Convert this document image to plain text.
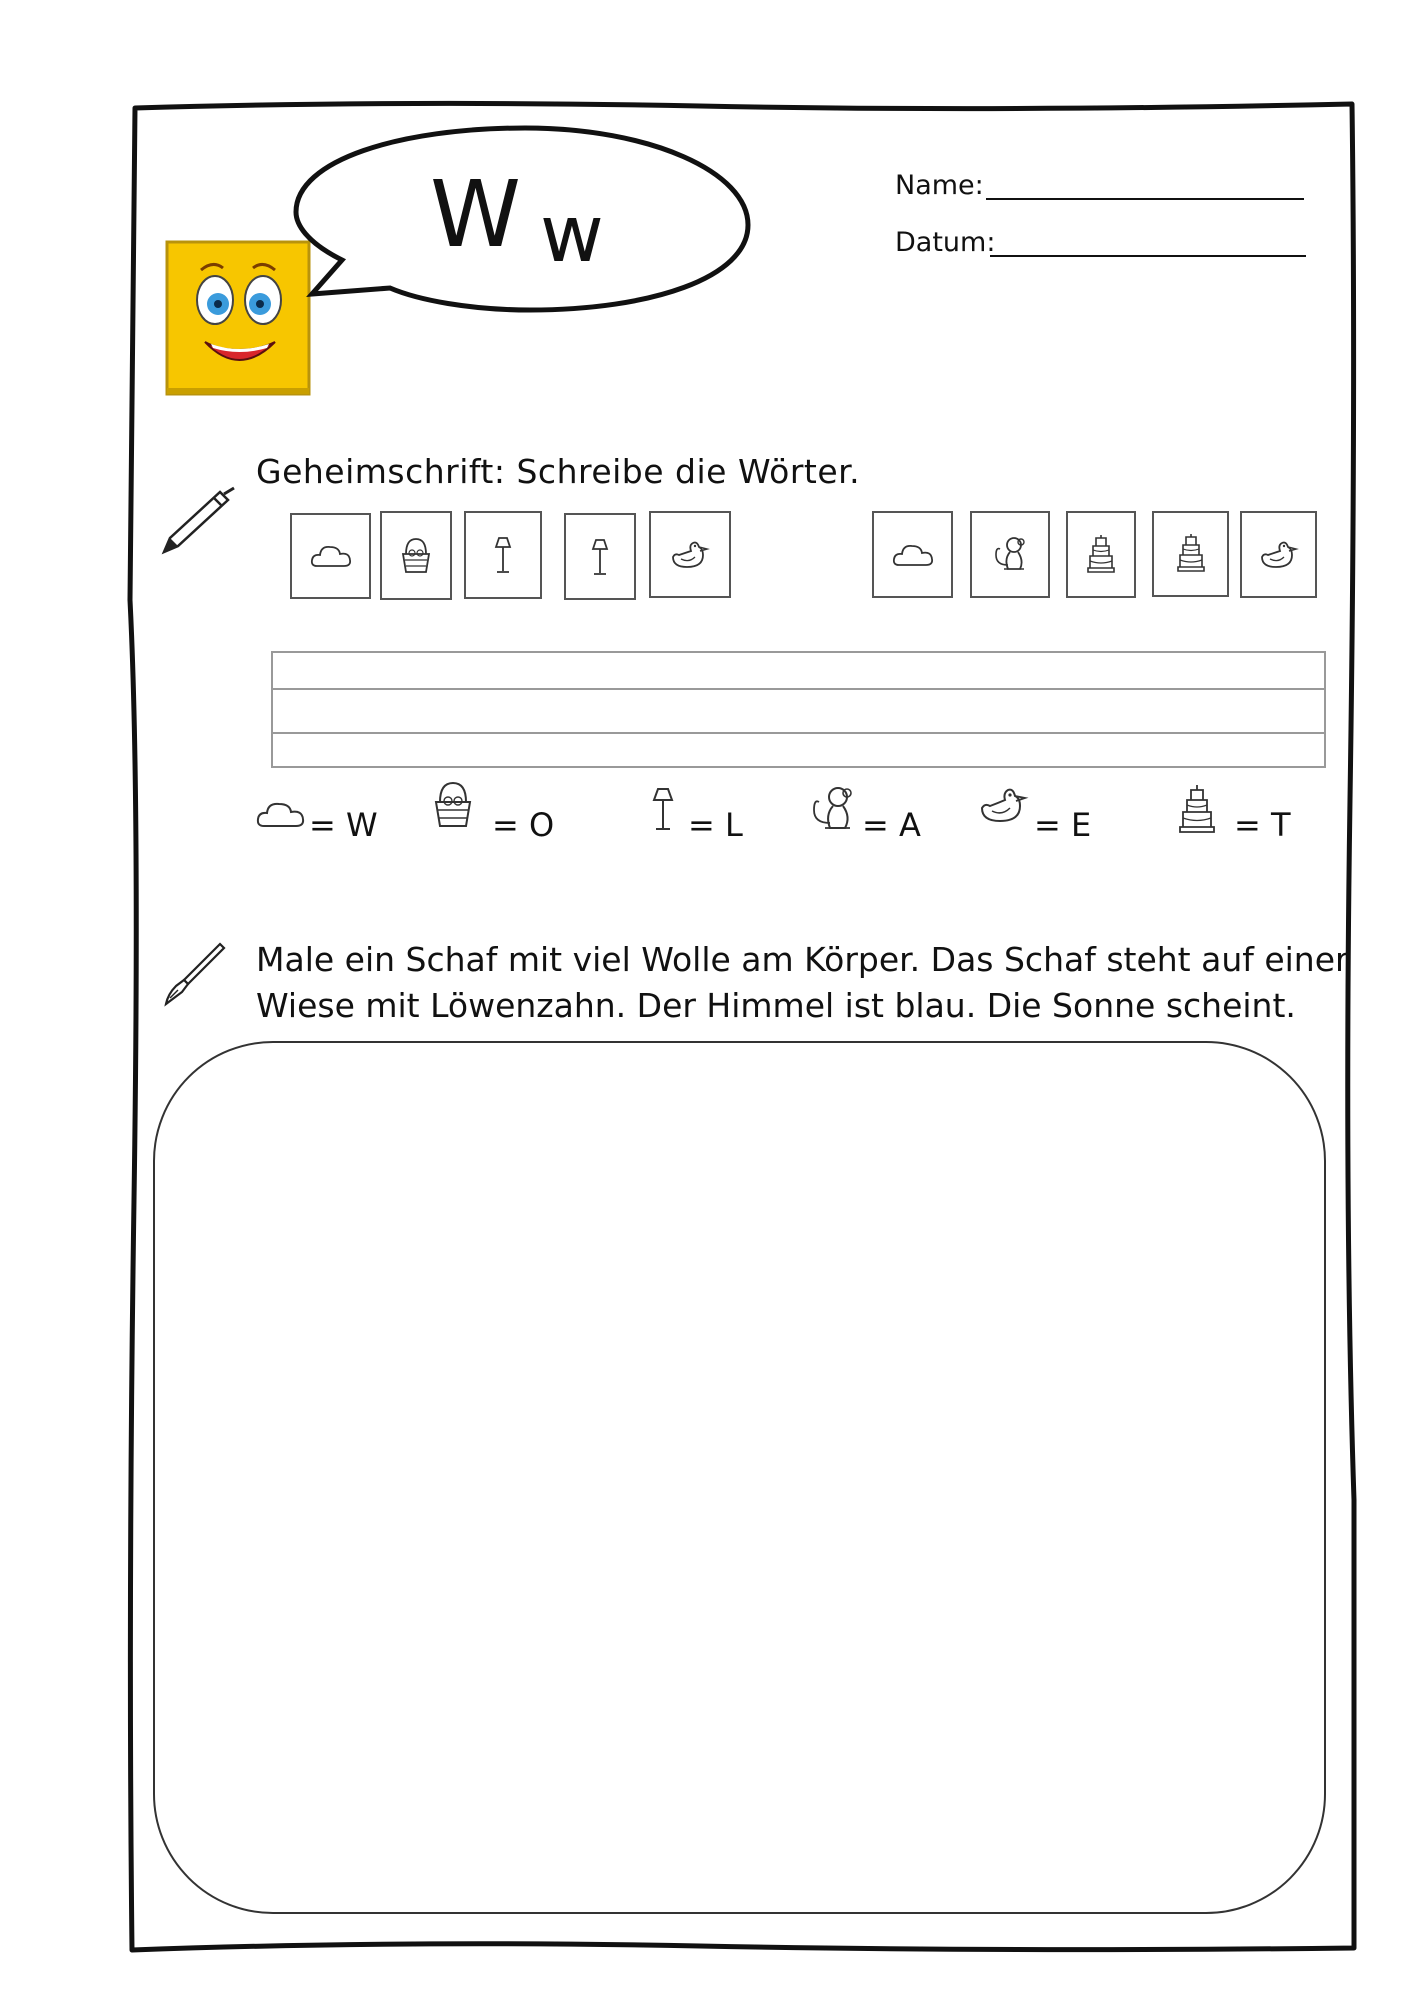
W w
Name:
Datum:
Geheimschrift: Schreibe die Wörter.
= W	= O	= L	= A	= E	= T
Male ein Schaf mit viel Wolle am Körper. Das Schaf steht auf einer
Wiese mit Löwenzahn. Der Himmel ist blau. Die Sonne scheint.
